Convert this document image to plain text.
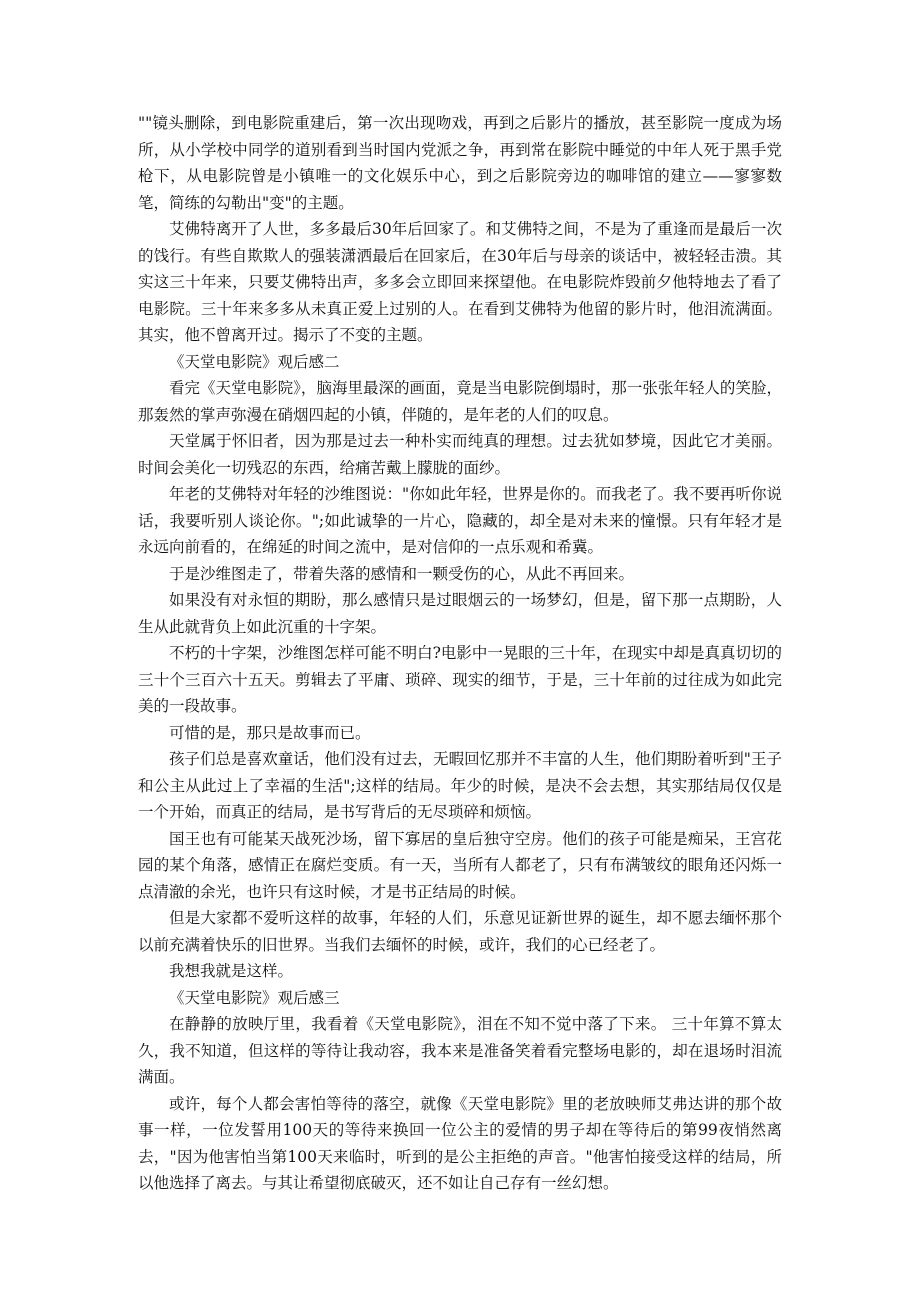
""镜头删除，到电影院重建后，第一次出现吻戏，再到之后影片的播放，甚至影院一度成为场所，从小学校中同学的道别看到当时国内党派之争，再到常在影院中睡觉的中年人死于黑手党枪下，从电影院曾是小镇唯一的文化娱乐中心，到之后影院旁边的咖啡馆的建立——寥寥数笔，简练的勾勒出"变"的主题。

艾佛特离开了人世，多多最后30年后回家了。和艾佛特之间，不是为了重逢而是最后一次的饯行。有些自欺欺人的强装潇洒最后在回家后，在30年后与母亲的谈话中，被轻轻击溃。其实这三十年来，只要艾佛特出声，多多会立即回来探望他。在电影院炸毁前夕他特地去了看了电影院。三十年来多多从未真正爱上过别的人。在看到艾佛特为他留的影片时，他泪流满面。其实，他不曾离开过。揭示了不变的主题。

《天堂电影院》观后感二

看完《天堂电影院》，脑海里最深的画面，竟是当电影院倒塌时，那一张张年轻人的笑脸，那轰然的掌声弥漫在硝烟四起的小镇，伴随的，是年老的人们的叹息。

天堂属于怀旧者，因为那是过去一种朴实而纯真的理想。过去犹如梦境，因此它才美丽。时间会美化一切残忍的东西，给痛苦戴上朦胧的面纱。

年老的艾佛特对年轻的沙维图说："你如此年轻，世界是你的。而我老了。我不要再听你说话，我要听别人谈论你。";如此诚挚的一片心，隐藏的，却全是对未来的憧憬。只有年轻才是永远向前看的，在绵延的时间之流中，是对信仰的一点乐观和希冀。

于是沙维图走了，带着失落的感情和一颗受伤的心，从此不再回来。

如果没有对永恒的期盼，那么感情只是过眼烟云的一场梦幻，但是，留下那一点期盼，人生从此就背负上如此沉重的十字架。

不朽的十字架，沙维图怎样可能不明白?电影中一晃眼的三十年，在现实中却是真真切切的三十个三百六十五天。剪辑去了平庸、琐碎、现实的细节，于是，三十年前的过往成为如此完美的一段故事。

可惜的是，那只是故事而已。

孩子们总是喜欢童话，他们没有过去，无暇回忆那并不丰富的人生，他们期盼着听到"王子和公主从此过上了幸福的生活";这样的结局。年少的时候，是决不会去想，其实那结局仅仅是一个开始，而真正的结局，是书写背后的无尽琐碎和烦恼。

国王也有可能某天战死沙场，留下寡居的皇后独守空房。他们的孩子可能是痴呆，王宫花园的某个角落，感情正在腐烂变质。有一天，当所有人都老了，只有布满皱纹的眼角还闪烁一点清澈的余光，也许只有这时候，才是书正结局的时候。

但是大家都不爱听这样的故事，年轻的人们，乐意见证新世界的诞生，却不愿去缅怀那个以前充满着快乐的旧世界。当我们去缅怀的时候，或许，我们的心已经老了。

我想我就是这样。

《天堂电影院》观后感三

在静静的放映厅里，我看着《天堂电影院》，泪在不知不觉中落了下来。 三十年算不算太久，我不知道，但这样的等待让我动容，我本来是准备笑着看完整场电影的，却在退场时泪流满面。

或许，每个人都会害怕等待的落空，就像《天堂电影院》里的老放映师艾弗达讲的那个故事一样，一位发誓用100天的等待来换回一位公主的爱情的男子却在等待后的第99夜悄然离去，"因为他害怕当第100天来临时，听到的是公主拒绝的声音。"他害怕接受这样的结局，所以他选择了离去。与其让希望彻底破灭，还不如让自己存有一丝幻想。
